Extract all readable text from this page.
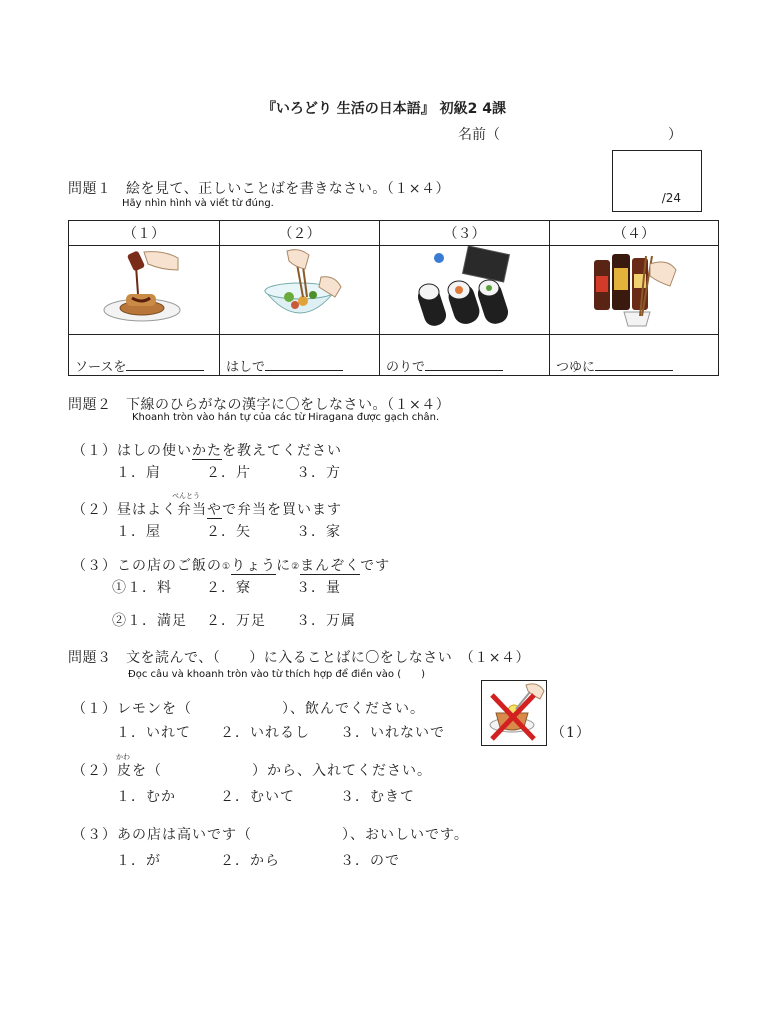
『いろどり 生活の日本語』 初級2 4課
名前（　　　　　　　　　　　　）
/24
問題１　絵を見て、正しいことばを書きなさい。（１×４）
Hãy nhìn hình và viết từ đúng.
（１）	（２）	（３）	（４）

ソースを	はしで	のりで	つゆに
問題２　下線のひらがなの漢字に〇をしなさい。（１×４）
Khoanh tròn vào hán tự của các từ Hiragana được gạch chân.
（１）はしの使いかたを教えてください
１．肩	２．片	３．方
べんとう
（２）昼はよく弁当やで弁当を買います
１．屋	２．矢	３．家
（３）この店のご飯の①りょうに②まんぞくです
①１．料 ２．寮	３．量
②１．満足 ２．万足 ３．万属
問題３　文を読んで、（　　）に入ることばに〇をしなさい　（１×４）
Đọc câu và khoanh tròn vào từ thích hợp để điền vào (　　)
（1）
（１）レモンを（　　　　　　）、飲んでください。
１．いれて ２．いれるし ３．いれないで
かわ
（２）皮を（　　　　　　）から、入れてください。
１．むか	２．むいて	３．むきて
（３）あの店は高いです（　　　　　　）、おいしいです。
１．が	２．から	３．ので
